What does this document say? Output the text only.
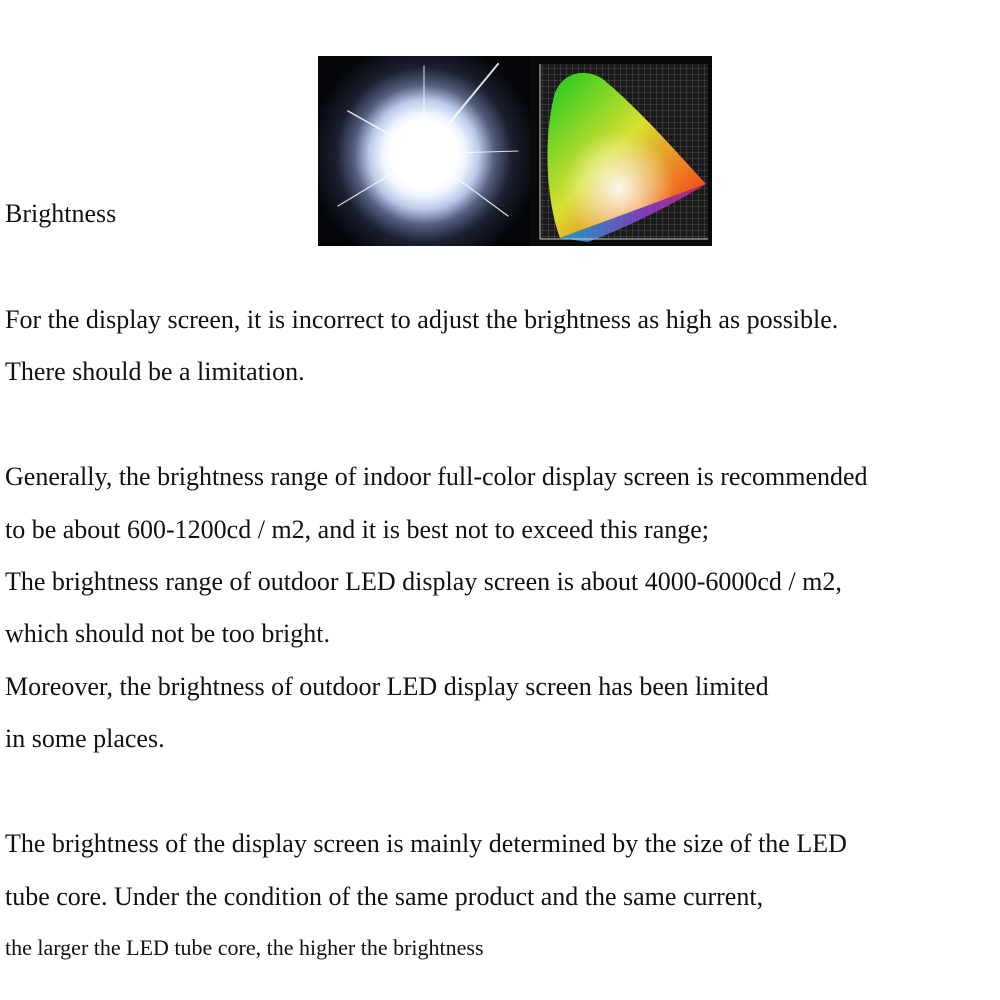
Brightness

For the display screen, it is incorrect to adjust the brightness as high as possible.

There should be a limitation.

Generally, the brightness range of indoor full-color display screen is recommended

to be about 600-1200cd / m2, and it is best not to exceed this range;

The brightness range of outdoor LED display screen is about 4000-6000cd / m2,

which should not be too bright.

Moreover, the brightness of outdoor LED display screen has been limited

in some places.

The brightness of the display screen is mainly determined by the size of the LED

tube core. Under the condition of the same product and the same current,

the larger the LED tube core, the higher the brightness
